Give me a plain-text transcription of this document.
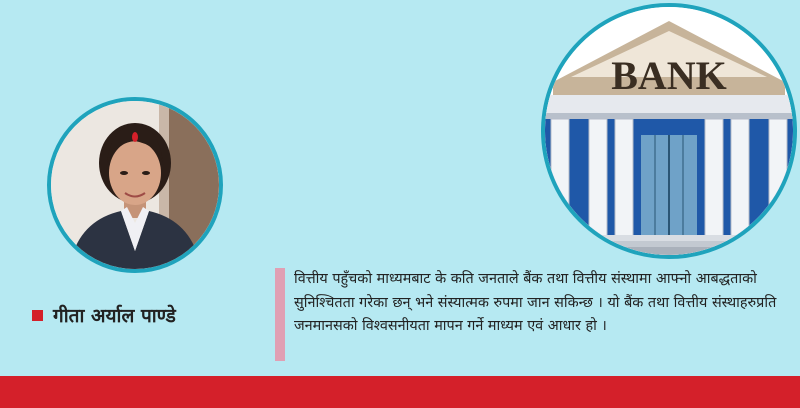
BANK
गीता अर्याल पाण्डे
वित्तीय पहुँचको माध्यमबाट के कति जनताले बैंक तथा वित्तीय संस्थामा आफ्नो आबद्धताको सुनिश्चितता गरेका छन् भने संस्यात्मक रुपमा जान सकिन्छ । यो बैंक तथा वित्तीय संस्थाहरुप्रति जनमानसको विश्वसनीयता मापन गर्ने माध्यम एवं आधार हो ।
